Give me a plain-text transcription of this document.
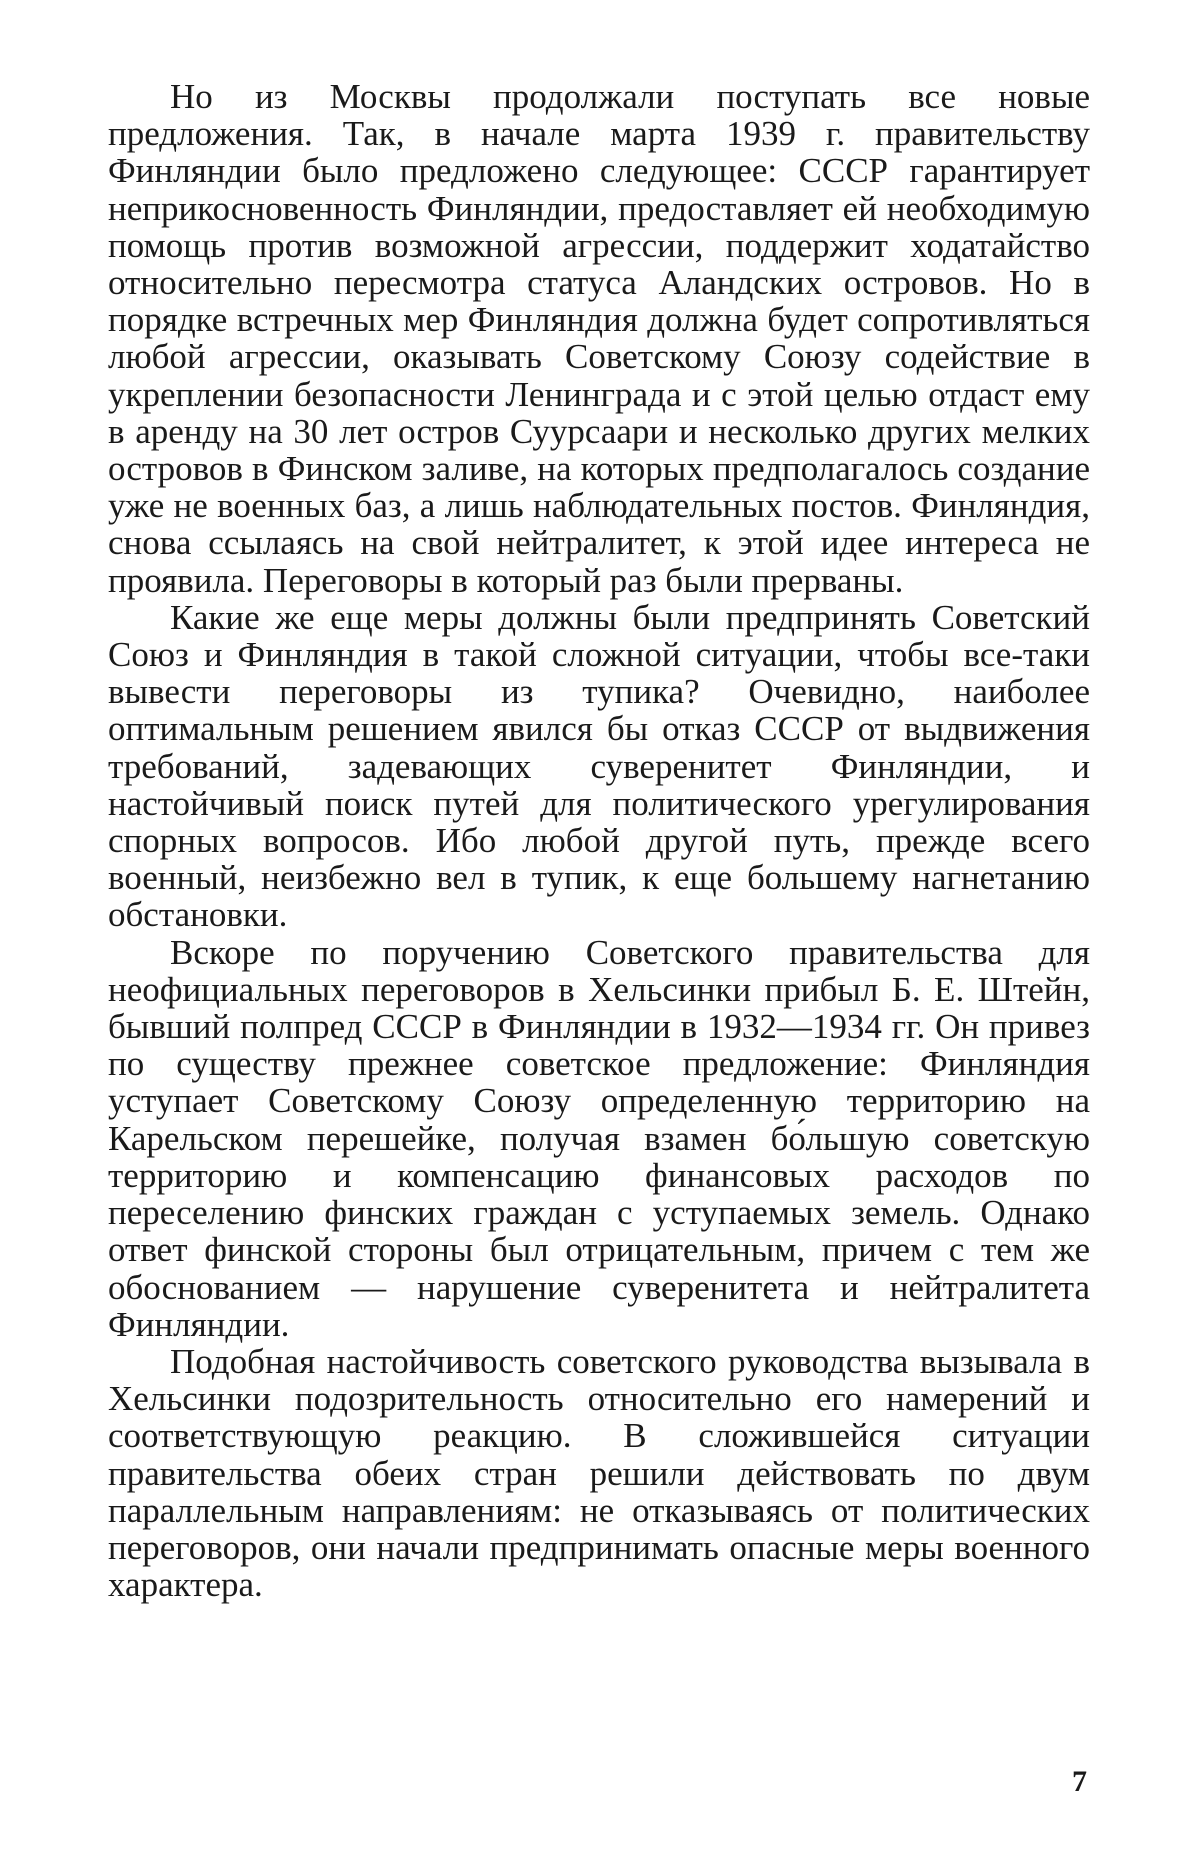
Но из Москвы продолжали поступать все новые предложения. Так, в начале марта 1939 г. правительству Финляндии было предложено следующее: СССР гарантирует неприкосновенность Финляндии, предоставляет ей необходимую помощь против возможной агрессии, поддержит ходатайство относительно пересмотра статуса Аландских островов. Но в порядке встречных мер Финляндия должна будет сопротивляться любой агрессии, оказывать Советскому Союзу содействие в укреплении безопасности Ленинграда и с этой целью отдаст ему в аренду на 30 лет остров Суурсаари и несколько других мелких островов в Финском заливе, на которых предполагалось создание уже не военных баз, а лишь наблюдательных постов. Финляндия, снова ссылаясь на свой нейтралитет, к этой идее интереса не проявила. Переговоры в который раз были прерваны.

Какие же еще меры должны были предпринять Советский Союз и Финляндия в такой сложной ситуации, чтобы все-таки вывести переговоры из тупика? Очевидно, наиболее оптимальным решением явился бы отказ СССР от выдвижения требований, задевающих суверенитет Финляндии, и настойчивый поиск путей для политического урегулирования спорных вопросов. Ибо любой другой путь, прежде всего военный, неизбежно вел в тупик, к еще большему нагнетанию обстановки.

Вскоре по поручению Советского правительства для неофициальных переговоров в Хельсинки прибыл Б. Е. Штейн, бывший полпред СССР в Финляндии в 1932—1934 гг. Он привез по существу прежнее советское предложение: Финляндия уступает Советскому Союзу определенную территорию на Карельском перешейке, получая взамен бо́льшую советскую территорию и компенсацию финансовых расходов по переселению финских граждан с уступаемых земель. Однако ответ финской стороны был отрицательным, причем с тем же обоснованием — нарушение суверенитета и нейтралитета Финляндии.

Подобная настойчивость советского руководства вызывала в Хельсинки подозрительность относительно его намерений и соответствующую реакцию. В сложившейся ситуации правительства обеих стран решили действовать по двум параллельным направлениям: не отказываясь от политических переговоров, они начали предпринимать опасные меры военного характера.

7
